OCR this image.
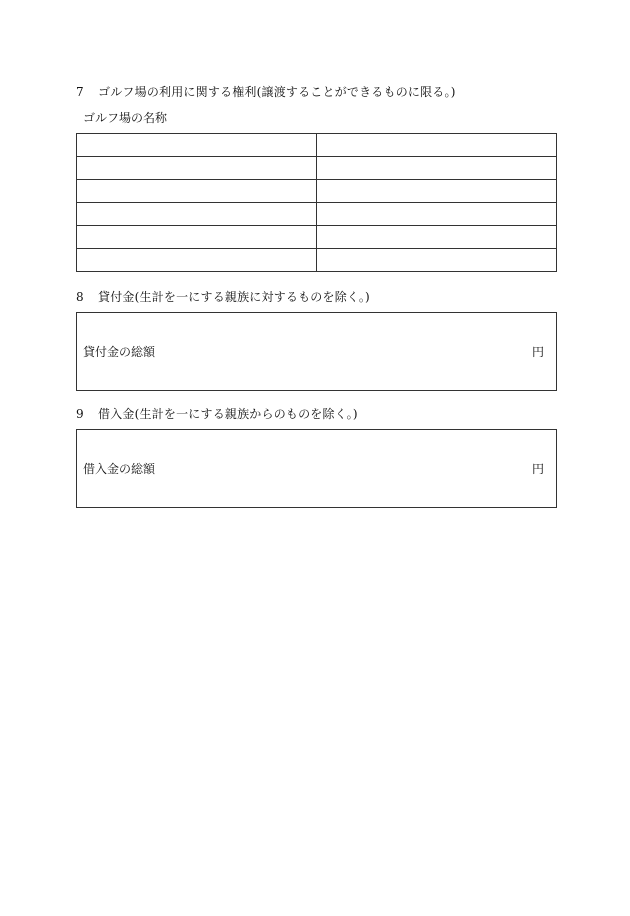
7 ゴルフ場の利用に関する権利(譲渡することができるものに限る。)
ゴルフ場の名称

8 貸付金(生計を一にする親族に対するものを除く。)
貸付金の総額	円
9 借入金(生計を一にする親族からのものを除く。)
借入金の総額	円
